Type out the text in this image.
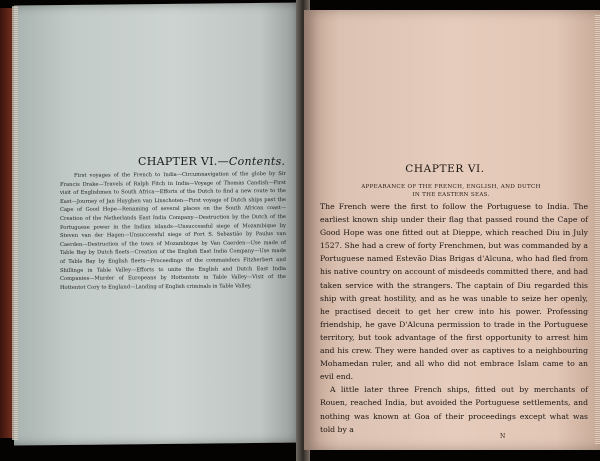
CHAPTER VI.—Contents.
First voyages of the French to India—Circumnavigation of the globe by Sir Francis Drake—Travels of Ralph Fitch in India—Voyage of Thomas Candish—First visit of Englishmen to South Africa—Efforts of the Dutch to find a new route to the East—Journey of Jan Huyghen van Linschoten—First voyage of Dutch ships past the Cape of Good Hope—Renaming of several places on the South African coast—Creation of the Netherlands East India Company—Destruction by the Dutch of the Portuguese power in the Indian islands—Unsuccessful siege of Mozambique by Steven van der Hagen—Unsuccessful siege of Fort S. Sebastião by Paulus van Caerden—Destruction of the town of Mozambique by Van Caerden—Use made of Table Bay by Dutch fleets—Creation of the English East India Company—Use made of Table Bay by English fleets—Proceedings of the commanders Fitzherbert and Shillinge in Table Valley—Efforts to unite the English and Dutch East India Companies—Murder of Europeans by Hottentots in Table Valley—Visit of the Hottentot Cory to England—Landing of English criminals in Table Valley.
CHAPTER VI.
APPEARANCE OF THE FRENCH, ENGLISH, AND DUTCH
IN THE EASTERN SEAS.

The French were the first to follow the Portuguese to India. The earliest known ship under their flag that passed round the Cape of Good Hope was one fitted out at Dieppe, which reached Diu in July 1527. She had a crew of forty Frenchmen, but was commanded by a Portuguese named Estevão Dias Brigas d'Alcuna, who had fled from his native country on account of misdeeds committed there, and had taken service with the strangers. The captain of Diu regarded this ship with great hostility, and as he was unable to seize her openly, he practised deceit to get her crew into his power. Professing friendship, he gave D'Alcuna permission to trade in the Portuguese territory, but took advantage of the first opportunity to arrest him and his crew. They were handed over as captives to a neighbouring Mohamedan ruler, and all who did not embrace Islam came to an evil end.

A little later three French ships, fitted out by merchants of Rouen, reached India, but avoided the Portuguese settlements, and nothing was known at Goa of their proceedings except what was told by a

N
